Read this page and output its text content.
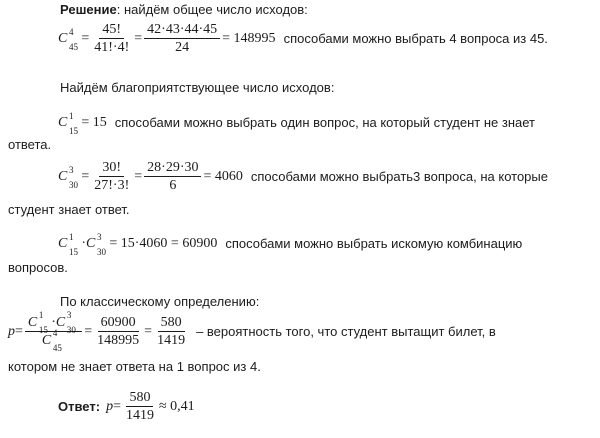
Решение: найдём общее число исходов:
C 4
45
= $\frac{45!}{41!\cdot 4!} = \frac{42\cdot 43\cdot 44\cdot 45}{24} = 148995$ способами можно выбрать 4 вопроса из 45.
Найдём благоприятствующее число исходов:
C 1
15
= 15 способами можно выбрать один вопрос, на который студент не знает
ответа.
C 3
30
= $\frac{30!}{27!\cdot 3!} = \frac{28\cdot 29\cdot 30}{6} = 4060$ способами можно выбрать3 вопроса, на которые
студент знает ответ.
C 1
15
· C 3
30
= 15·4060 = 60900 способами можно выбрать искомую комбинацию
вопросов.
По классическому определению:
p = C 1
15 ·C 3
30
C 4
$45 = \frac{60900}{148995} = \frac{580}{1419}$ – вероятность того, что студент вытащит билет, в
котором не знает ответа на 1 вопрос из 4.
Ответ : $p = \frac{580}{1419} \approx 0,41$
